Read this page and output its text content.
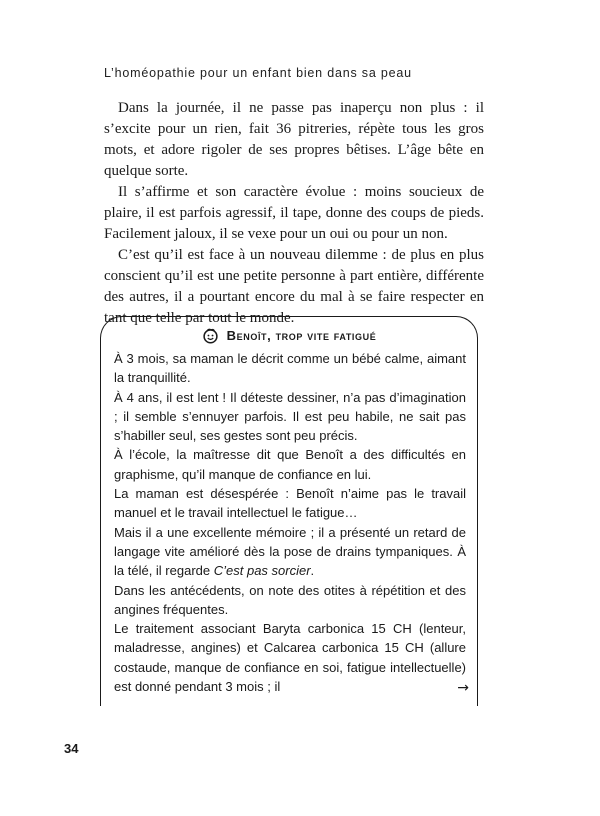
L’homéopathie pour un enfant bien dans sa peau

Dans la journée, il ne passe pas inaperçu non plus : il s’excite pour un rien, fait 36 pitreries, répète tous les gros mots, et adore rigoler de ses propres bêtises. L’âge bête en quelque sorte.

Il s’affirme et son caractère évolue : moins soucieux de plaire, il est parfois agressif, il tape, donne des coups de pieds. Facilement jaloux, il se vexe pour un oui ou pour un non.

C’est qu’il est face à un nouveau dilemme : de plus en plus conscient qu’il est une petite personne à part entière, différente des autres, il a pourtant encore du mal à se faire respecter en tant que telle par tout le monde.

Benoît, trop vite fatigué

À 3 mois, sa maman le décrit comme un bébé calme, aimant la tranquillité.

À 4 ans, il est lent ! Il déteste dessiner, n’a pas d’imagination ; il semble s’ennuyer parfois. Il est peu habile, ne sait pas s’habiller seul, ses gestes sont peu précis.

À l’école, la maîtresse dit que Benoît a des difficultés en graphisme, qu’il manque de confiance en lui.

La maman est désespérée : Benoît n’aime pas le travail manuel et le travail intellectuel le fatigue…

Mais il a une excellente mémoire ; il a présenté un retard de langage vite amélioré dès la pose de drains tympaniques. À la télé, il regarde C’est pas sorcier.

Dans les antécédents, on note des otites à répétition et des angines fréquentes.

Le traitement associant Baryta carbonica 15 CH (lenteur, maladresse, angines) et Calcarea carbonica 15 CH (allure costaude, manque de confiance en soi, fatigue intellectuelle) est donné pendant 3 mois ; il	→
34
